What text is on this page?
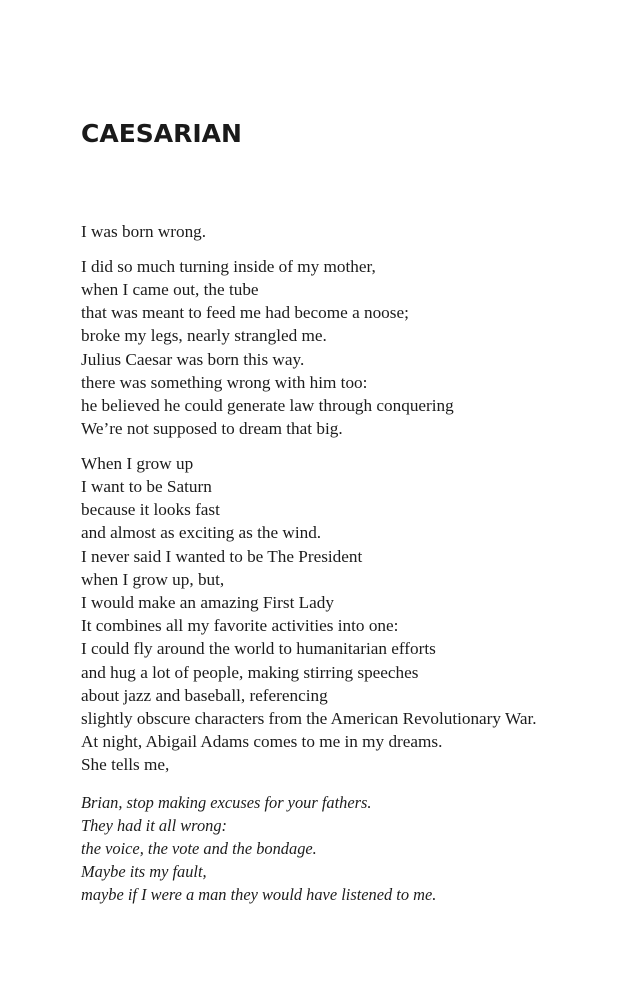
CAESARIAN
I was born wrong.
I did so much turning inside of my mother,
when I came out, the tube
that was meant to feed me had become a noose;
broke my legs, nearly strangled me.
Julius Caesar was born this way.
there was something wrong with him too:
he believed he could generate law through conquering
We’re not supposed to dream that big.
When I grow up
I want to be Saturn
because it looks fast
and almost as exciting as the wind.
I never said I wanted to be The President
when I grow up, but,
I would make an amazing First Lady
It combines all my favorite activities into one:
I could fly around the world to humanitarian efforts
and hug a lot of people, making stirring speeches
about jazz and baseball, referencing
slightly obscure characters from the American Revolutionary War.
At night, Abigail Adams comes to me in my dreams.
She tells me,
Brian, stop making excuses for your fathers.
They had it all wrong:
the voice, the vote and the bondage.
Maybe its my fault,
maybe if I were a man they would have listened to me.
